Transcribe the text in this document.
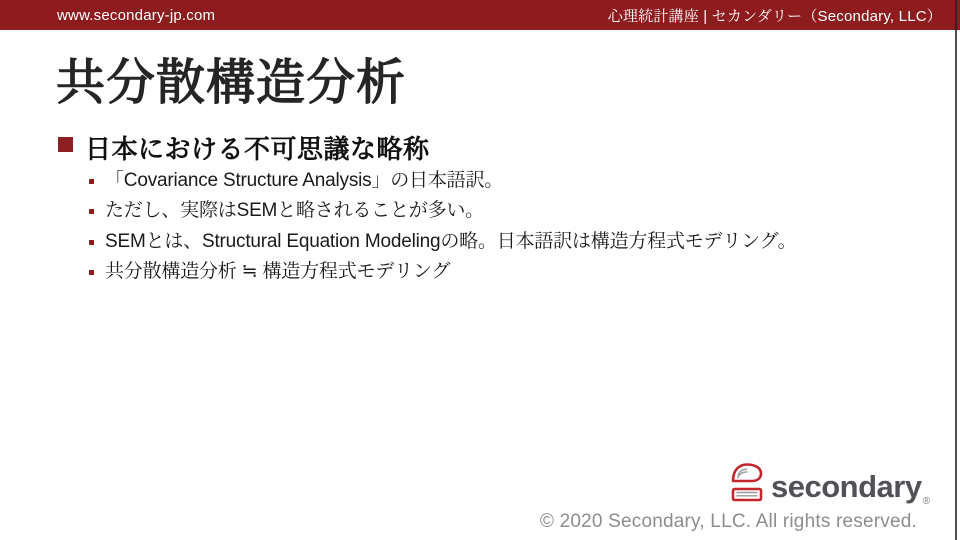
www.secondary-jp.com	心理統計講座 | セカンダリー（Secondary, LLC）
共分散構造分析
日本における不可思議な略称
「Covariance Structure Analysis」の日本語訳。
ただし、実際はSEMと略されることが多い。
SEMとは、Structural Equation Modelingの略。日本語訳は構造方程式モデリング。
共分散構造分析 ≒ 構造方程式モデリング
secondary ®
© 2020 Secondary, LLC. All rights reserved.
